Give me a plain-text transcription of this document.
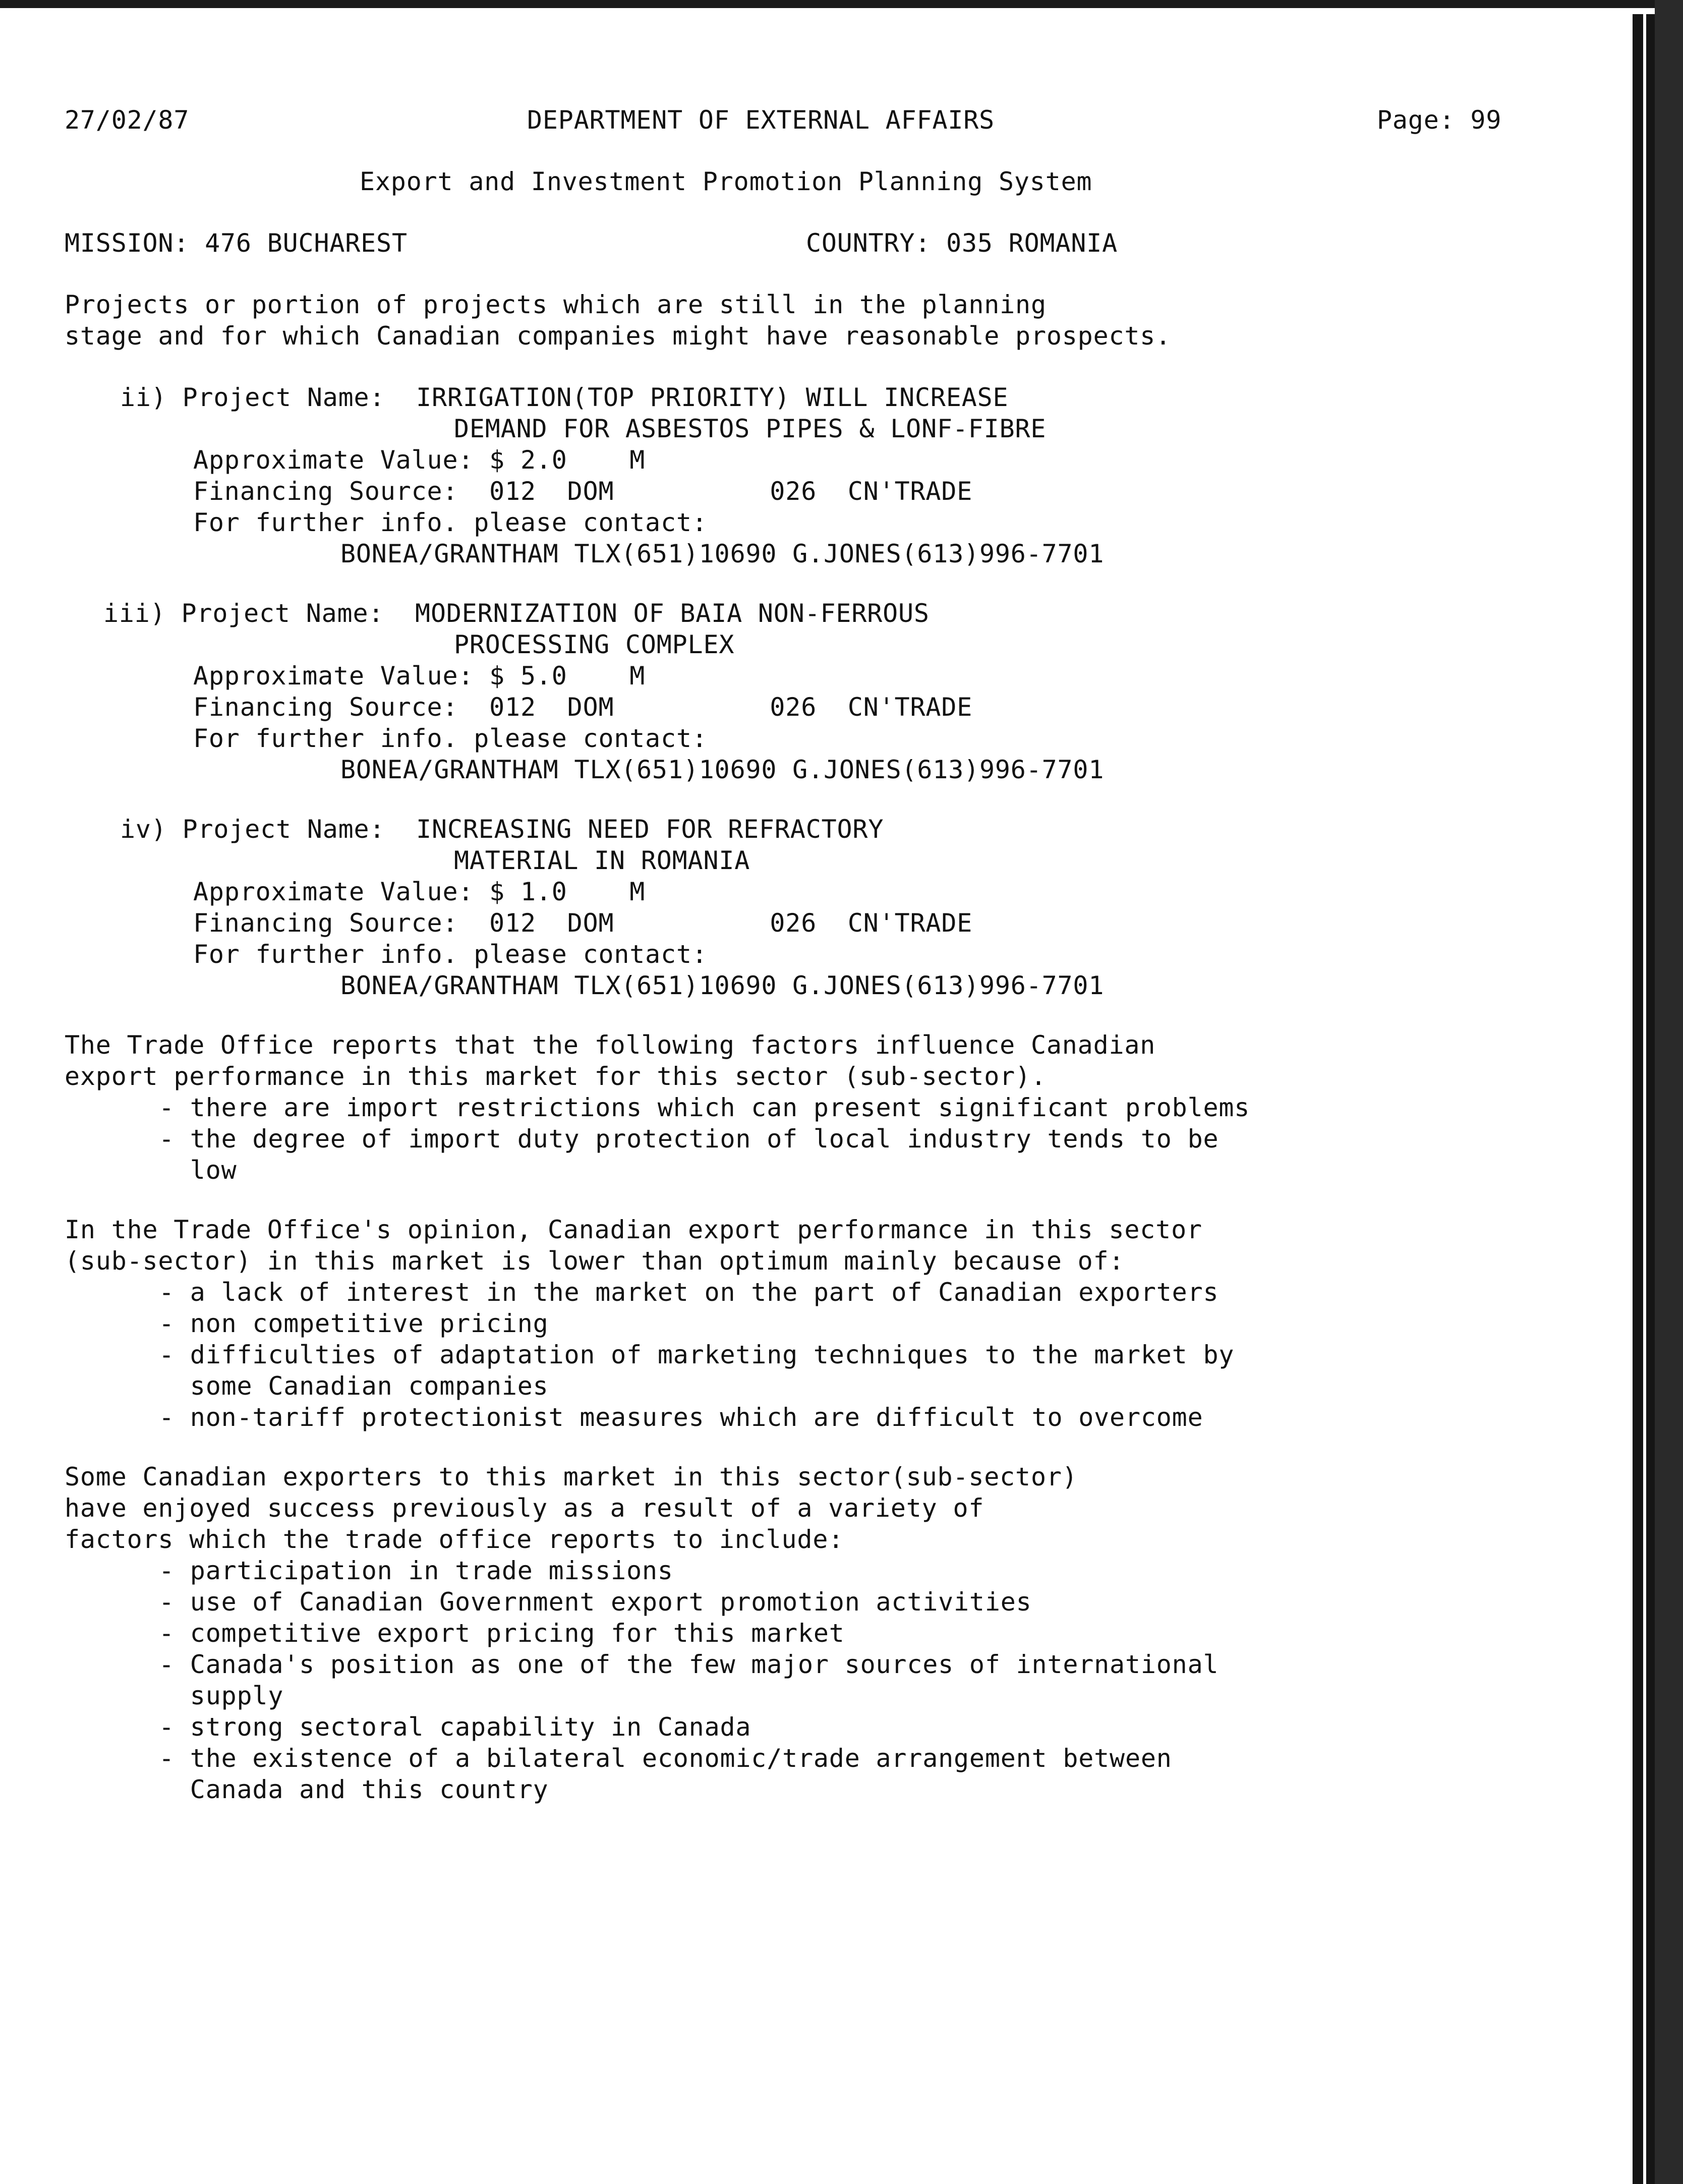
27/02/87	DEPARTMENT OF EXTERNAL AFFAIRS	Page: 99
Export and Investment Promotion Planning System
MISSION: 476 BUCHAREST	COUNTRY: 035 ROMANIA
Projects or portion of projects which are still in the planning
stage and for which Canadian companies might have reasonable prospects.
ii) Project Name:  IRRIGATION(TOP PRIORITY) WILL INCREASE
DEMAND FOR ASBESTOS PIPES & LONF-FIBRE
Approximate Value: $ 2.0    M
Financing Source:  012  DOM          026  CN'TRADE
For further info. please contact:
BONEA/GRANTHAM TLX(651)10690 G.JONES(613)996-7701
iii) Project Name:  MODERNIZATION OF BAIA NON-FERROUS
PROCESSING COMPLEX
Approximate Value: $ 5.0    M
Financing Source:  012  DOM          026  CN'TRADE
For further info. please contact:
BONEA/GRANTHAM TLX(651)10690 G.JONES(613)996-7701
iv) Project Name:  INCREASING NEED FOR REFRACTORY
MATERIAL IN ROMANIA
Approximate Value: $ 1.0    M
Financing Source:  012  DOM          026  CN'TRADE
For further info. please contact:
BONEA/GRANTHAM TLX(651)10690 G.JONES(613)996-7701
The Trade Office reports that the following factors influence Canadian
export performance in this market for this sector (sub-sector).
- there are import restrictions which can present significant problems
- the degree of import duty protection of local industry tends to be
low
In the Trade Office's opinion, Canadian export performance in this sector
(sub-sector) in this market is lower than optimum mainly because of:
- a lack of interest in the market on the part of Canadian exporters
- non competitive pricing
- difficulties of adaptation of marketing techniques to the market by
some Canadian companies
- non-tariff protectionist measures which are difficult to overcome
Some Canadian exporters to this market in this sector(sub-sector)
have enjoyed success previously as a result of a variety of
factors which the trade office reports to include:
- participation in trade missions
- use of Canadian Government export promotion activities
- competitive export pricing for this market
- Canada's position as one of the few major sources of international
supply
- strong sectoral capability in Canada
- the existence of a bilateral economic/trade arrangement between
Canada and this country
